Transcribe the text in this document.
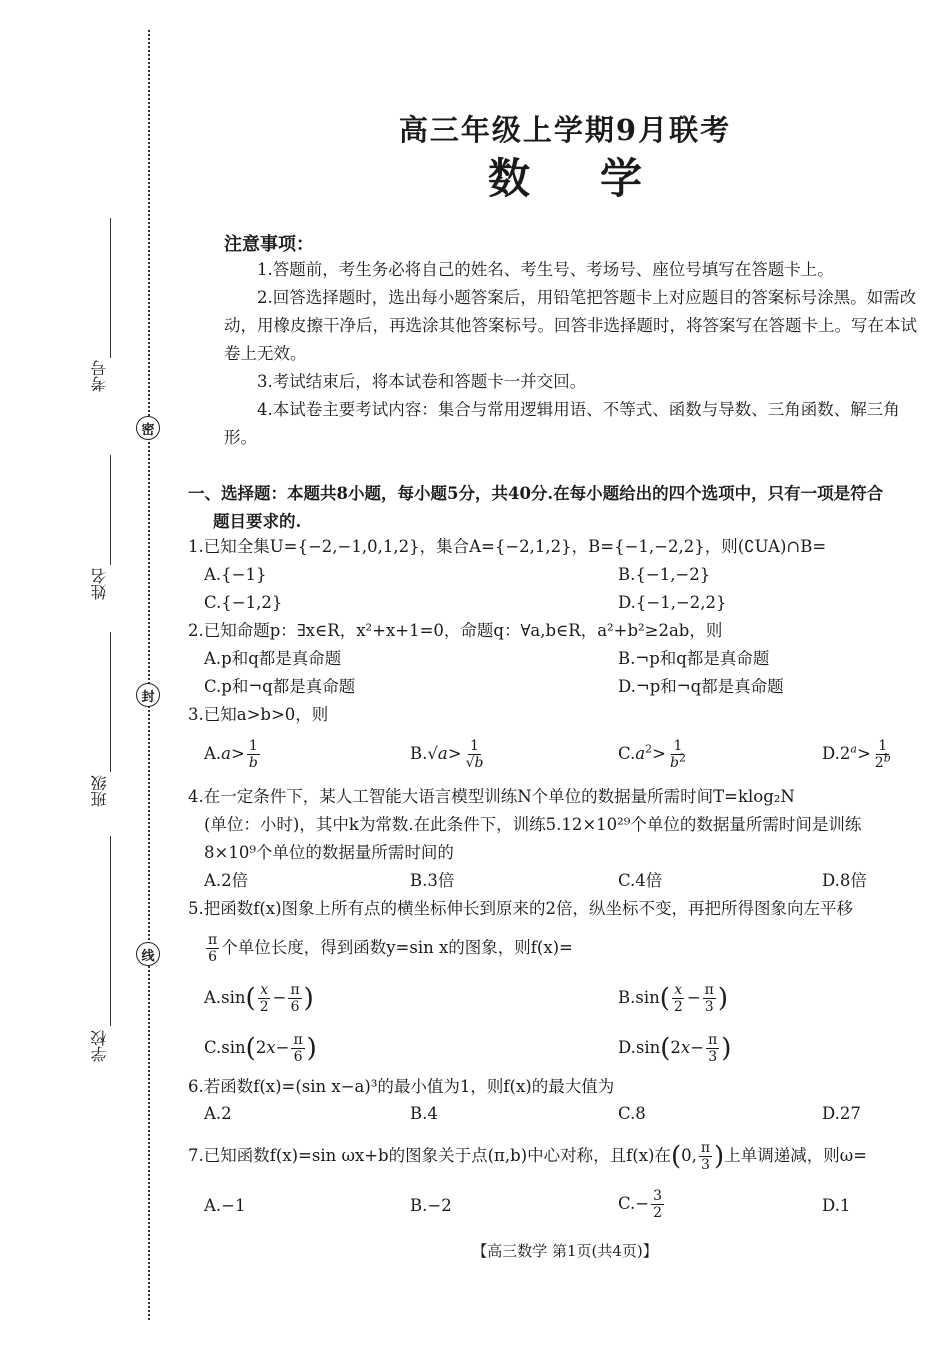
密
封
线
考号
姓名
班级
学校
高三年级上学期9月联考
数学
注意事项：
1.答题前，考生务必将自己的姓名、考生号、考场号、座位号填写在答题卡上。
2.回答选择题时，选出每小题答案后，用铅笔把答题卡上对应题目的答案标号涂黑。如需改动，用橡皮擦干净后，再选涂其他答案标号。回答非选择题时，将答案写在答题卡上。写在本试卷上无效。
3.考试结束后，将本试卷和答题卡一并交回。
4.本试卷主要考试内容：集合与常用逻辑用语、不等式、函数与导数、三角函数、解三角形。
一、选择题：本题共8小题，每小题5分，共40分.在每小题给出的四个选项中，只有一项是符合
题目要求的.
1.已知全集U={−2,−1,0,1,2}，集合A={−2,1,2}，B={−1,−2,2}，则(∁UA)∩B=
A.{−1}	B.{−1,−2}
C.{−1,2}	D.{−1,−2,2}
2.已知命题p：∃x∈R，x²+x+1=0，命题q：∀a,b∈R，a²+b²≥2ab，则
A.p和q都是真命题	B.¬p和q都是真命题
C.p和¬q都是真命题	D.¬p和¬q都是真命题
3.已知a>b>0，则
$A.a> \frac{1}{b}$	$B.√a> \frac{1}{√b}$	$C.a^2> \frac{1}{b^2}$	$D.2^a> \frac{1}{2^b}$
4.在一定条件下，某人工智能大语言模型训练N个单位的数据量所需时间T=klog₂N
(单位：小时)，其中k为常数.在此条件下，训练5.12×10²⁹个单位的数据量所需时间是训练
8×10⁹个单位的数据量所需时间的
A.2倍	B.3倍	C.4倍	D.8倍
5.把函数f(x)图象上所有点的横坐标伸长到原来的2倍，纵坐标不变，再把所得图象向左平移
$\frac{\pi}{6}$ 个单位长度，得到函数y=sin x的图象，则f(x)=
$A.\sin( \frac{x}{2} - \frac{\pi}{6}$ )	$B.\sin( \frac{x}{2} - \frac{\pi}{3}$ )
$C.\sin(2x- \frac{\pi}{6}$ )	$D.\sin(2x- \frac{\pi}{3}$ )
6.若函数f(x)=(sin x−a)³的最小值为1，则f(x)的最大值为
A.2	B.4	C.8	D.27
7.已知函数f(x)=sin ωx+b的图象关于点(π,b)中心对称，且f(x)在(0, $\frac{\pi}{3}$ )上单调递减，则ω=
A.−1	B.−2	$C.- \frac{3}{2}$	D.1
【高三数学 第1页(共4页)】
